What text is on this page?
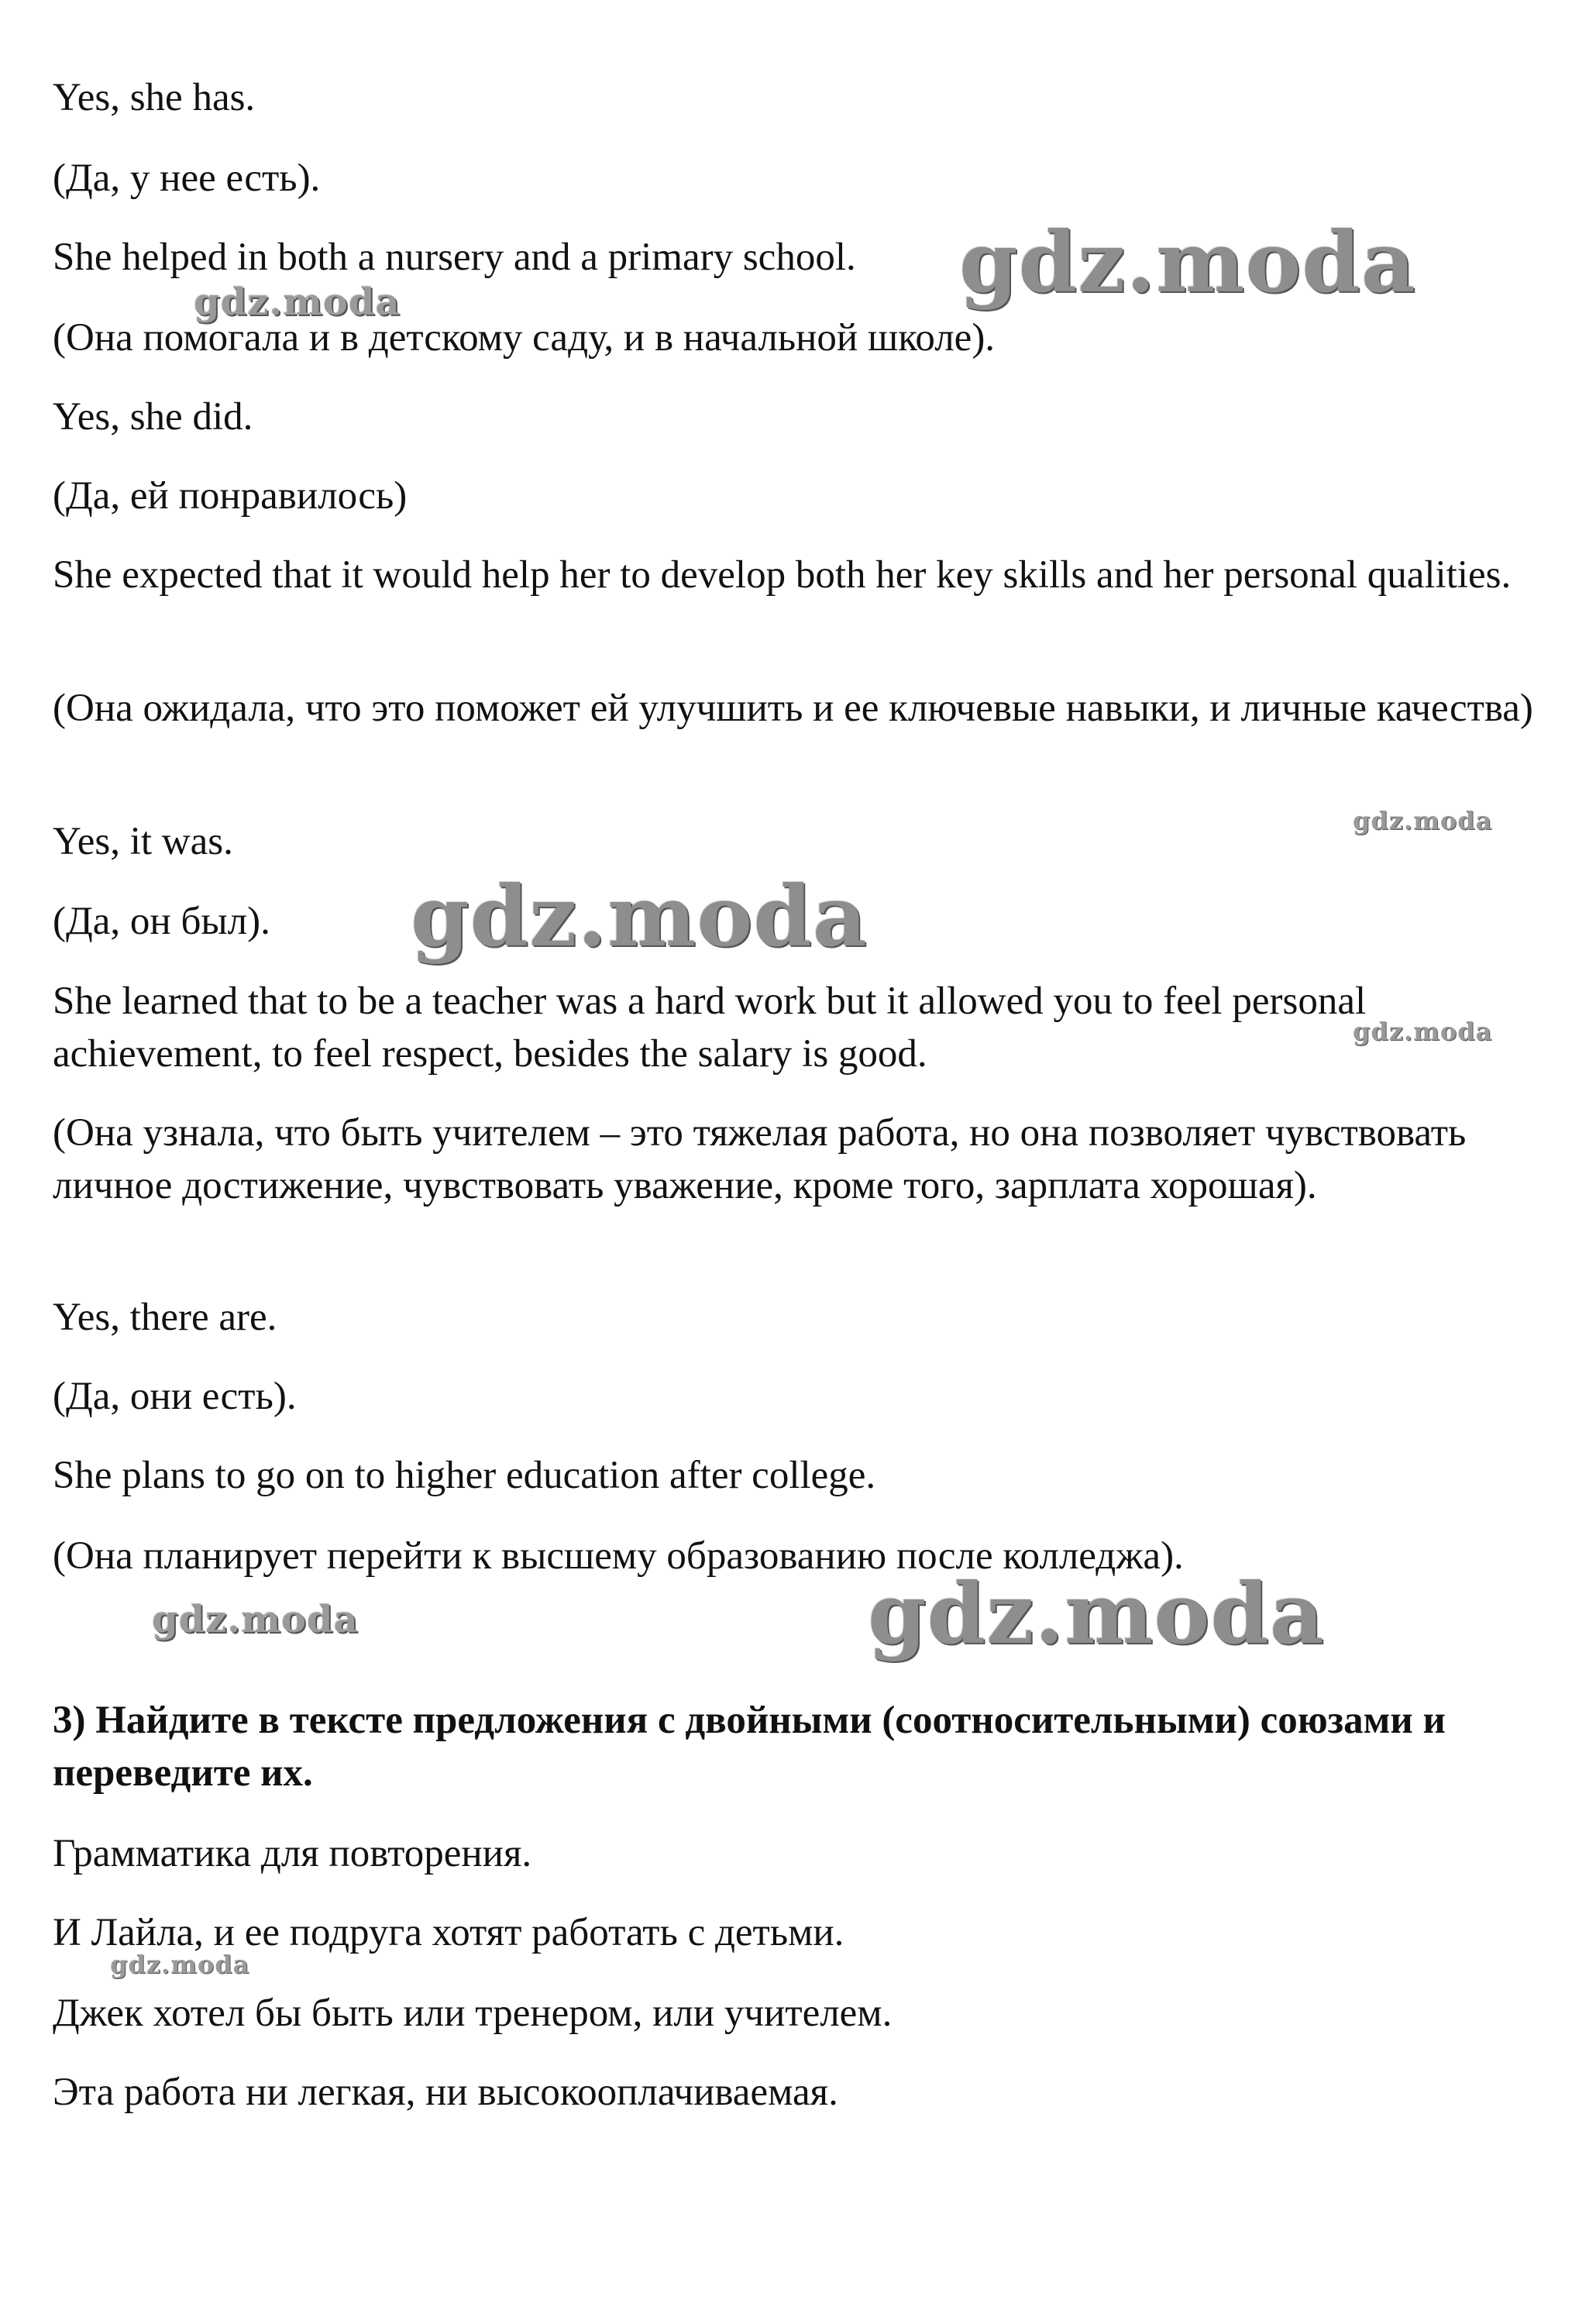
Yes, she has.

(Да, у нее есть).

She helped in both a nursery and a primary school.

(Она помогала и в детскому саду, и в начальной школе).

Yes, she did.

(Да, ей понравилось)

She expected that it would help her to develop both her key skills and her personal qualities.

(Она ожидала, что это поможет ей улучшить и ее ключевые навыки, и личные качества)

Yes, it was.

(Да, он был).

She learned that to be a teacher was a hard work but it allowed you to feel personal achievement, to feel respect, besides the salary is good.

(Она узнала, что быть учителем – это тяжелая работа, но она позволяет чувствовать личное достижение, чувствовать уважение, кроме того, зарплата хорошая).

Yes, there are.

(Да, они есть).

She plans to go on to higher education after college.

(Она планирует перейти к высшему образованию после колледжа).

3) Найдите в тексте предложения с двойными (соотносительными) союзами и переведите их.

Грамматика для повторения.

И Лайла, и ее подруга хотят работать с детьми.

Джек хотел бы быть или тренером, или учителем.

Эта работа ни легкая, ни высокооплачиваемая.

gdz.moda
gdz.moda
gdz.moda
gdz.moda
gdz.moda
gdz.moda	gdz.moda
gdz.moda
